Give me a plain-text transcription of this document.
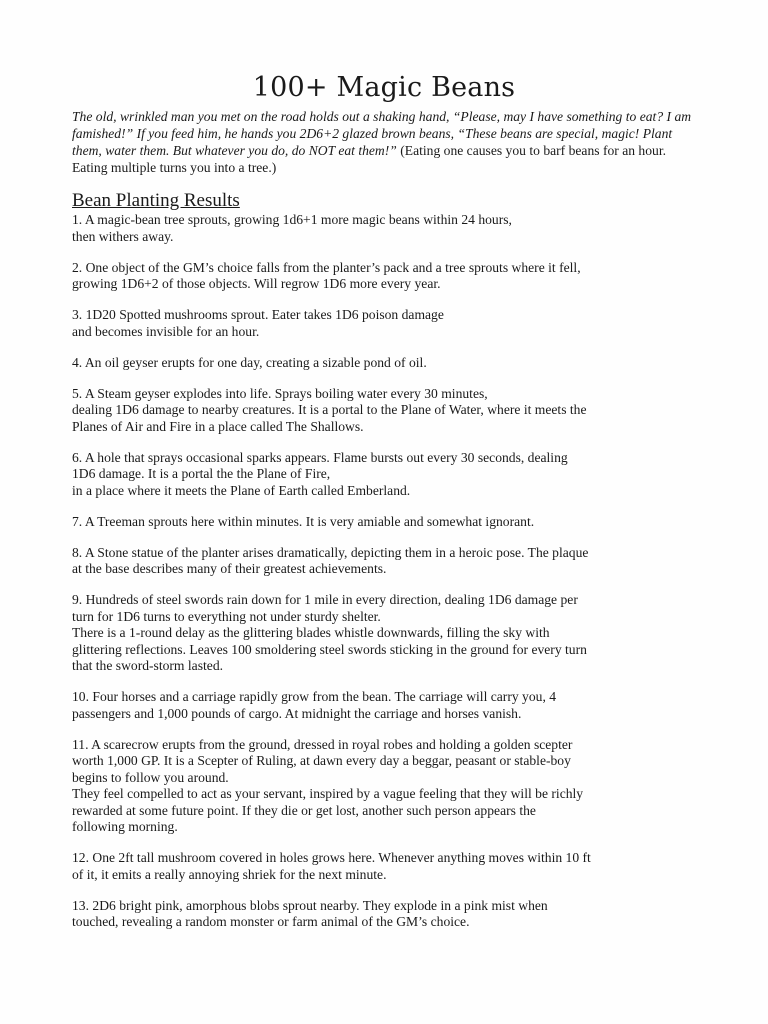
100+ Magic Beans

The old, wrinkled man you met on the road holds out a shaking hand, “Please, may I have something to eat? I am famished!” If you feed him, he hands you 2D6+2 glazed brown beans, “These beans are special, magic! Plant them, water them. But whatever you do, do NOT eat them!” (Eating one causes you to barf beans for an hour. Eating multiple turns you into a tree.)

Bean Planting Results

1. A magic-bean tree sprouts, growing 1d6+1 more magic beans within 24 hours,
then withers away.

2. One object of the GM’s choice falls from the planter’s pack and a tree sprouts where it fell,
growing 1D6+2 of those objects. Will regrow 1D6 more every year.

3. 1D20 Spotted mushrooms sprout. Eater takes 1D6 poison damage
and becomes invisible for an hour.

4. An oil geyser erupts for one day, creating a sizable pond of oil.

5. A Steam geyser explodes into life. Sprays boiling water every 30 minutes,
dealing 1D6 damage to nearby creatures. It is a portal to the Plane of Water, where it meets the
Planes of Air and Fire in a place called The Shallows.

6. A hole that sprays occasional sparks appears. Flame bursts out every 30 seconds, dealing
1D6 damage. It is a portal the the Plane of Fire,
in a place where it meets the Plane of Earth called Emberland.

7. A Treeman sprouts here within minutes. It is very amiable and somewhat ignorant.

8. A Stone statue of the planter arises dramatically, depicting them in a heroic pose. The plaque
at the base describes many of their greatest achievements.

9. Hundreds of steel swords rain down for 1 mile in every direction, dealing 1D6 damage per
turn for 1D6 turns to everything not under sturdy shelter.
There is a 1-round delay as the glittering blades whistle downwards, filling the sky with
glittering reflections. Leaves 100 smoldering steel swords sticking in the ground for every turn
that the sword-storm lasted.

10. Four horses and a carriage rapidly grow from the bean. The carriage will carry you, 4
passengers and 1,000 pounds of cargo. At midnight the carriage and horses vanish.

11. A scarecrow erupts from the ground, dressed in royal robes and holding a golden scepter
worth 1,000 GP. It is a Scepter of Ruling, at dawn every day a beggar, peasant or stable-boy
begins to follow you around.
They feel compelled to act as your servant, inspired by a vague feeling that they will be richly
rewarded at some future point. If they die or get lost, another such person appears the
following morning.

12. One 2ft tall mushroom covered in holes grows here. Whenever anything moves within 10 ft
of it, it emits a really annoying shriek for the next minute.

13. 2D6 bright pink, amorphous blobs sprout nearby. They explode in a pink mist when
touched, revealing a random monster or farm animal of the GM’s choice.
